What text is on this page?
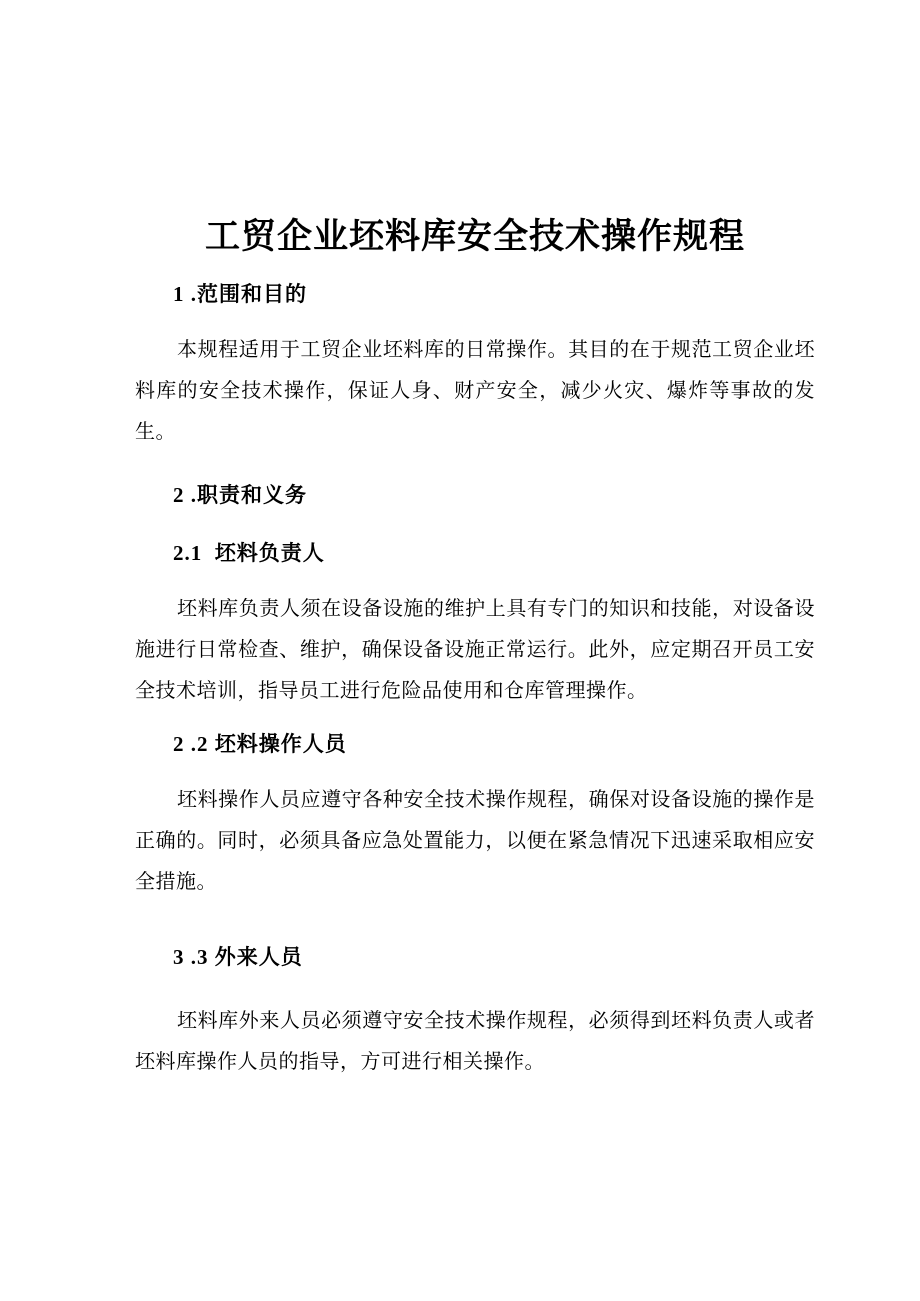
工贸企业坯料库安全技术操作规程
1 .范围和目的

本规程适用于工贸企业坯料库的日常操作。其目的在于规范工贸企业坯料库的安全技术操作，保证人身、财产安全，减少火灾、爆炸等事故的发生。

2 .职责和义务
2.1  坯料负责人

坯料库负责人须在设备设施的维护上具有专门的知识和技能，对设备设施进行日常检查、维护，确保设备设施正常运行。此外，应定期召开员工安全技术培训，指导员工进行危险品使用和仓库管理操作。

2 .2 坯料操作人员

坯料操作人员应遵守各种安全技术操作规程，确保对设备设施的操作是正确的。同时，必须具备应急处置能力，以便在紧急情况下迅速采取相应安全措施。

3 .3 外来人员

坯料库外来人员必须遵守安全技术操作规程，必须得到坯料负责人或者坯料库操作人员的指导，方可进行相关操作。
